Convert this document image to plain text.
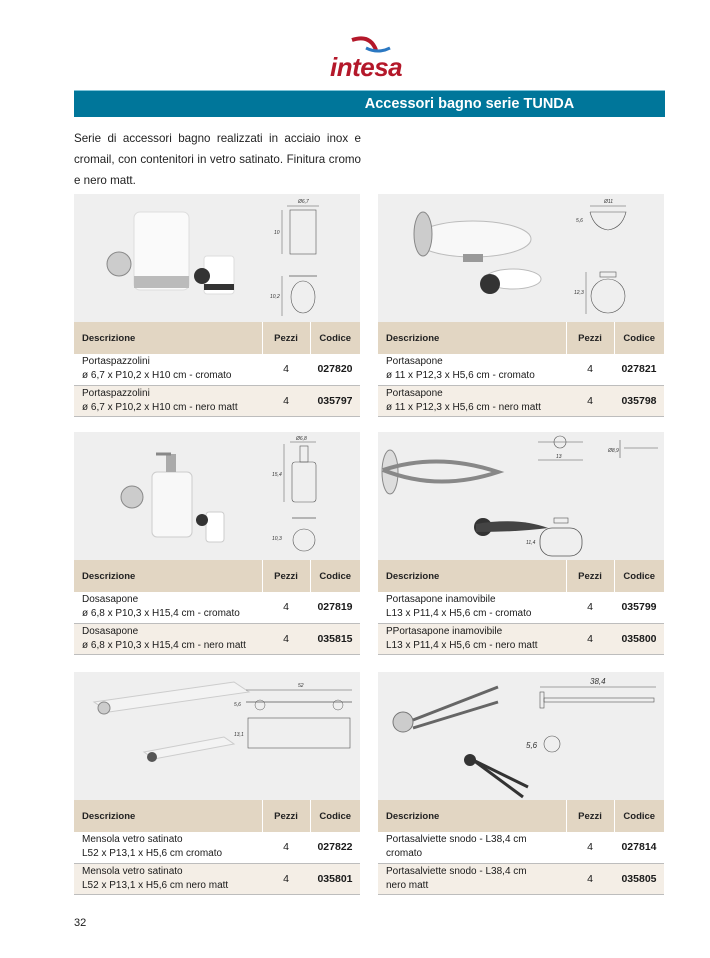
intesa
Accessori bagno serie TUNDA

Serie di accessori bagno realizzati in acciaio inox e cromail, con contenitori in vetro satinato. Finitura cromo e nero matt.

Ø6,7
10
10,2
Descrizione	Pezzi	Codice
Portaspazzolini
ø 6,7 x P10,2 x H10 cm - cromato	4	027820
Portaspazzolini
ø 6,7 x P10,2 x H10 cm - nero matt	4	035797
Ø11
5,6
12,3
Descrizione	Pezzi	Codice
Portasapone
ø 11 x P12,3 x H5,6 cm - cromato	4	027821
Portasapone
ø 11 x P12,3 x H5,6 cm - nero matt	4	035798
Ø6,8
15,4
10,3
Descrizione	Pezzi	Codice
Dosasapone
ø 6,8 x P10,3 x H15,4 cm - cromato	4	027819
Dosasapone
ø 6,8 x P10,3 x H15,4 cm - nero matt	4	035815
13
Ø8,9
11,4
Descrizione	Pezzi	Codice
Portasapone inamovibile
L13 x P11,4 x H5,6 cm - cromato	4	035799
PPortasapone inamovibile
L13 x P11,4 x H5,6 cm - nero matt	4	035800
52
5,6
13,1
Descrizione	Pezzi	Codice
Mensola vetro satinato
L52 x P13,1 x H5,6 cm cromato	4	027822
Mensola vetro satinato
L52 x P13,1 x H5,6 cm nero matt	4	035801
38,4
5,6
Descrizione	Pezzi	Codice
Portasalviette snodo - L38,4 cm
cromato	4	027814
Portasalviette snodo - L38,4 cm
nero matt	4	035805
32
